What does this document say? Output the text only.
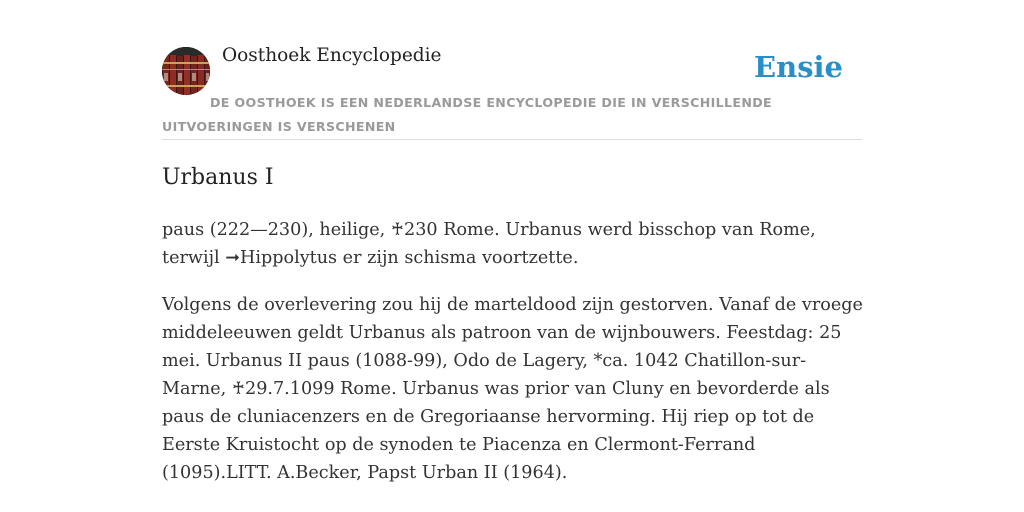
Oosthoek Encyclopedie	Ensie
DE OOSTHOEK IS EEN NEDERLANDSE ENCYCLOPEDIE DIE IN VERSCHILLENDE UITVOERINGEN IS VERSCHENEN
Urbanus I

paus (222—230), heilige, ♰230 Rome. Urbanus werd bisschop van Rome, terwijl ➞Hippolytus er zijn schisma voortzette.

Volgens de overlevering zou hij de marteldood zijn gestorven. Vanaf de vroege middeleeuwen geldt Urbanus als patroon van de wijnbouwers. Feestdag: 25 mei. Urbanus II paus (1088-99), Odo de Lagery, *ca. 1042 Chatillon-sur-Marne, ♰29.7.1099 Rome. Urbanus was prior van Cluny en bevorderde als paus de cluniacenzers en de Gregoriaanse hervorming. Hij riep op tot de Eerste Kruistocht op de synoden te Piacenza en Clermont-Ferrand (1095).LITT. A.Becker, Papst Urban II (1964).
